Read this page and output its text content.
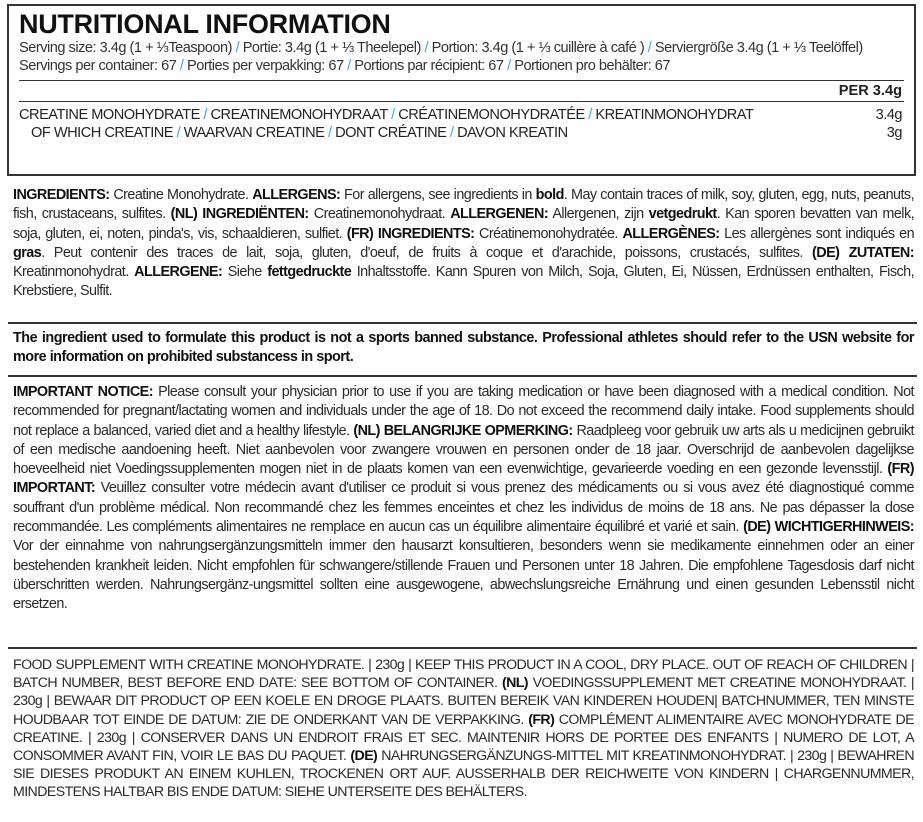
NUTRITIONAL INFORMATION
Serving size: 3.4g (1 + ⅓Teaspoon) / Portie: 3.4g (1 + ⅓ Theelepel) / Portion: 3.4g (1 + ⅓ cuillère à café ) / Serviergröße 3.4g (1 + ⅓ Teelöffel)
Servings per container: 67 / Porties per verpakking: 67 / Portions par récipient: 67 / Portionen pro behälter: 67
PER 3.4g
CREATINE MONOHYDRATE / CREATINEMONOHYDRAAT / CRÉATINEMONOHYDRATÉE / KREATINMONOHYDRAT	3.4g
OF WHICH CREATINE / WAARVAN CREATINE / DONT CRÉATINE / DAVON KREATIN	3g
INGREDIENTS: Creatine Monohydrate. ALLERGENS: For allergens, see ingredients in bold. May contain traces of milk, soy, gluten, egg, nuts, peanuts, fish, crustaceans, sulfites. (NL) INGREDIËNTEN: Creatinemonohydraat. ALLERGENEN: Allergenen, zijn vetgedrukt. Kan sporen bevatten van melk, soja, gluten, ei, noten, pinda's, vis, schaaldieren, sulfiet. (FR) INGREDIENTS: Créatinemonohydratée. ALLERGÈNES: Les allergènes sont indiqués en gras. Peut contenir des traces de lait, soja, gluten, d'oeuf, de fruits à coque et d'arachide, poissons, crustacés, sulfites. (DE) ZUTATEN: Kreatinmonohydrat. ALLERGENE: Siehe fettgedruckte Inhaltsstoffe. Kann Spuren von Milch, Soja, Gluten, Ei, Nüssen, Erdnüssen enthalten, Fisch, Krebstiere, Sulfit.
The ingredient used to formulate this product is not a sports banned substance. Professional athletes should refer to the USN website for more information on prohibited substancess in sport.
IMPORTANT NOTICE: Please consult your physician prior to use if you are taking medication or have been diagnosed with a medical condition. Not recommended for pregnant/lactating women and individuals under the age of 18. Do not exceed the recommend daily intake. Food supplements should not replace a balanced, varied diet and a healthy lifestyle. (NL) BELANGRIJKE OPMERKING: Raadpleeg voor gebruik uw arts als u medicijnen gebruikt of een medische aandoening heeft. Niet aanbevolen voor zwangere vrouwen en personen onder de 18 jaar. Overschrijd de aanbevolen dagelijkse hoeveelheid niet Voedingssupplementen mogen niet in de plaats komen van een evenwichtige, gevarieerde voeding en een gezonde levensstijl. (FR) IMPORTANT: Veuillez consulter votre médecin avant d'utiliser ce produit si vous prenez des médicaments ou si vous avez été diagnostiqué comme souffrant d'un problème médical. Non recommandé chez les femmes enceintes et chez les individus de moins de 18 ans. Ne pas dépasser la dose recommandée. Les compléments alimentaires ne remplace en aucun cas un équilibre alimentaire équilibré et varié et sain. (DE) WICHTIGERHINWEIS: Vor der einnahme von nahrungsergänzungsmitteln immer den hausarzt konsultieren, besonders wenn sie medikamente einnehmen oder an einer bestehenden krankheit leiden. Nicht empfohlen für schwangere/stillende Frauen und Personen unter 18 Jahren. Die empfohlene Tagesdosis darf nicht überschritten werden. Nahrungsergänz-ungsmittel sollten eine ausgewogene, abwechslungsreiche Ernährung und einen gesunden Lebensstil nicht ersetzen.
FOOD SUPPLEMENT WITH CREATINE MONOHYDRATE. | 230g | KEEP THIS PRODUCT IN A COOL, DRY PLACE. OUT OF REACH OF CHILDREN | BATCH NUMBER, BEST BEFORE END DATE: SEE BOTTOM OF CONTAINER. (NL) VOEDINGSSUPPLEMENT MET CREATINE MONOHYDRAAT. | 230g | BEWAAR DIT PRODUCT OP EEN KOELE EN DROGE PLAATS. BUITEN BEREIK VAN KINDEREN HOUDEN| BATCHNUMMER, TEN MINSTE HOUDBAAR TOT EINDE DE DATUM: ZIE DE ONDERKANT VAN DE VERPAKKING. (FR) COMPLÉMENT ALIMENTAIRE AVEC MONOHYDRATE DE CREATINE. | 230g | CONSERVER DANS UN ENDROIT FRAIS ET SEC. MAINTENIR HORS DE PORTEE DES ENFANTS | NUMERO DE LOT, A CONSOMMER AVANT FIN, VOIR LE BAS DU PAQUET. (DE) NAHRUNGSERGÄNZUNGS-MITTEL MIT KREATINMONOHYDRAT. | 230g | BEWAHREN SIE DIESES PRODUKT AN EINEM KUHLEN, TROCKENEN ORT AUF. AUSSERHALB DER REICHWEITE VON KINDERN | CHARGENNUMMER, MINDESTENS HALTBAR BIS ENDE DATUM: SIEHE UNTERSEITE DES BEHÄLTERS.
